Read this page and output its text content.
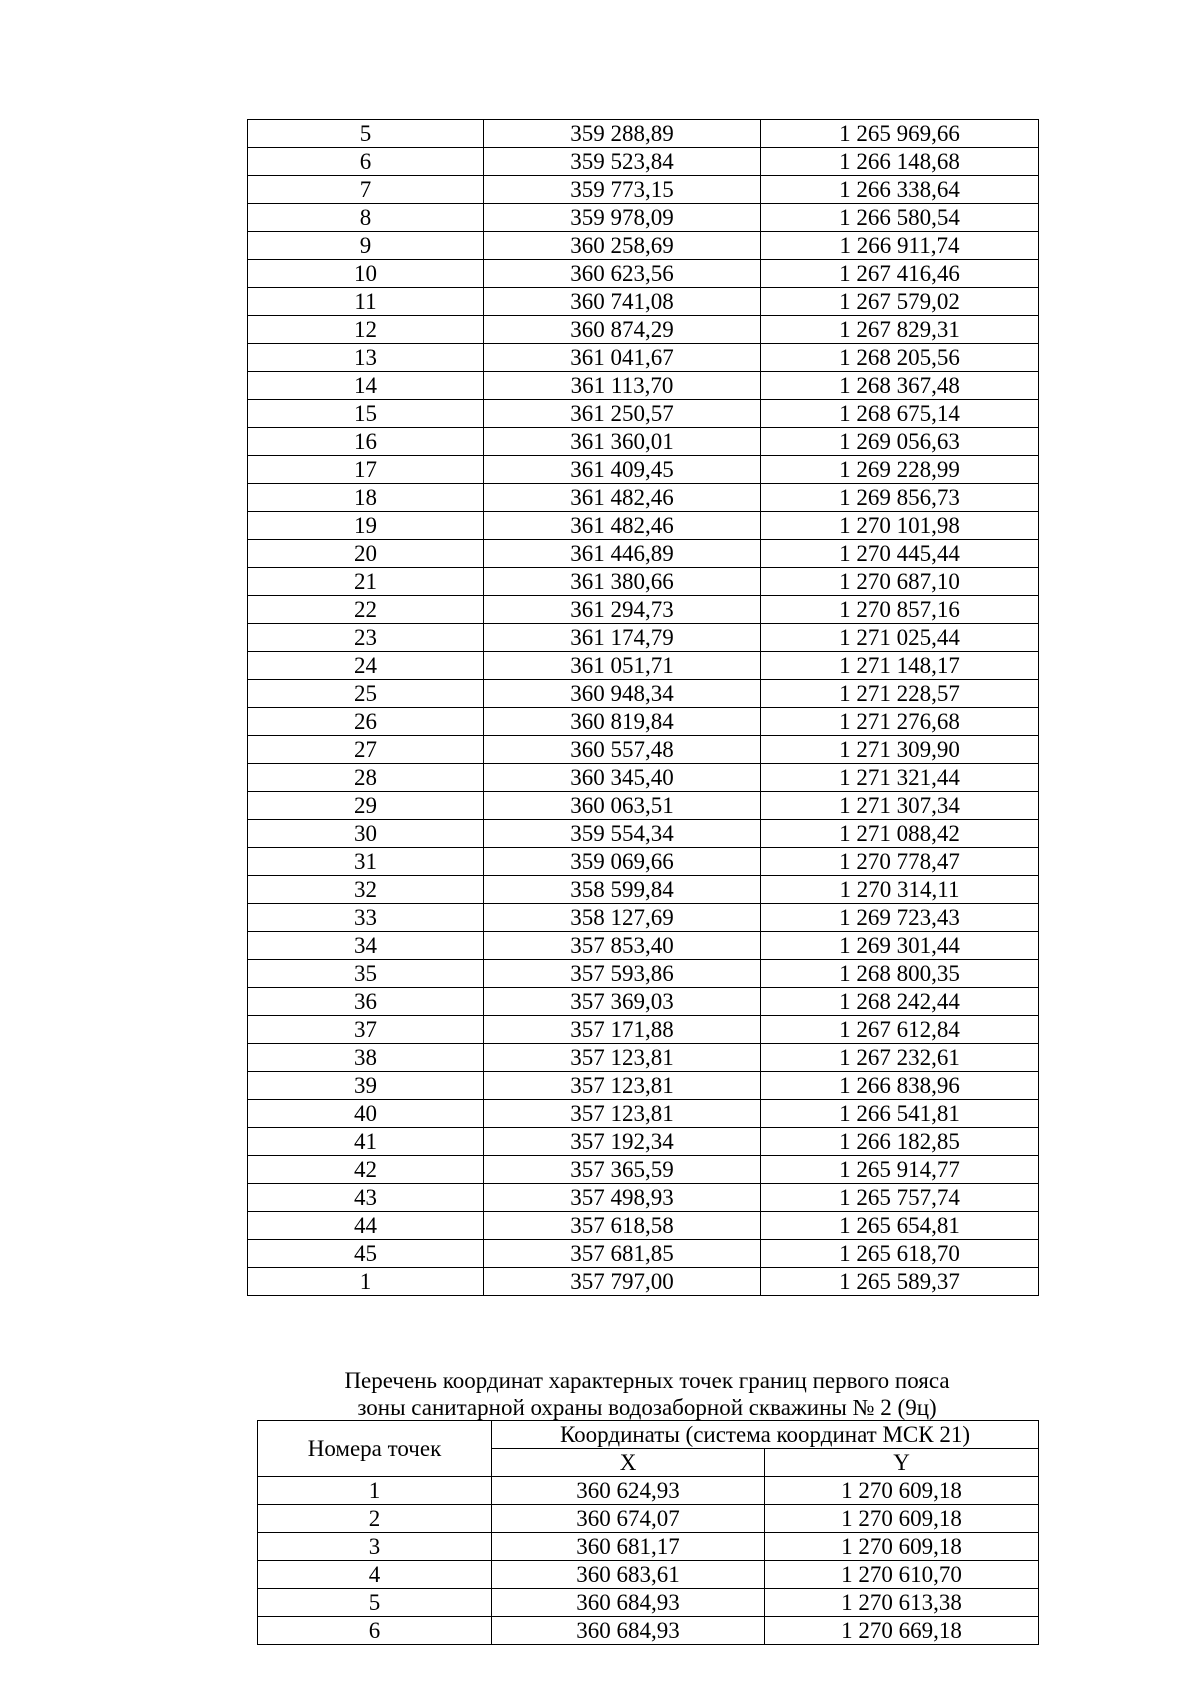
5	359 288,89	1 265 969,66
6	359 523,84	1 266 148,68
7	359 773,15	1 266 338,64
8	359 978,09	1 266 580,54
9	360 258,69	1 266 911,74
10	360 623,56	1 267 416,46
11	360 741,08	1 267 579,02
12	360 874,29	1 267 829,31
13	361 041,67	1 268 205,56
14	361 113,70	1 268 367,48
15	361 250,57	1 268 675,14
16	361 360,01	1 269 056,63
17	361 409,45	1 269 228,99
18	361 482,46	1 269 856,73
19	361 482,46	1 270 101,98
20	361 446,89	1 270 445,44
21	361 380,66	1 270 687,10
22	361 294,73	1 270 857,16
23	361 174,79	1 271 025,44
24	361 051,71	1 271 148,17
25	360 948,34	1 271 228,57
26	360 819,84	1 271 276,68
27	360 557,48	1 271 309,90
28	360 345,40	1 271 321,44
29	360 063,51	1 271 307,34
30	359 554,34	1 271 088,42
31	359 069,66	1 270 778,47
32	358 599,84	1 270 314,11
33	358 127,69	1 269 723,43
34	357 853,40	1 269 301,44
35	357 593,86	1 268 800,35
36	357 369,03	1 268 242,44
37	357 171,88	1 267 612,84
38	357 123,81	1 267 232,61
39	357 123,81	1 266 838,96
40	357 123,81	1 266 541,81
41	357 192,34	1 266 182,85
42	357 365,59	1 265 914,77
43	357 498,93	1 265 757,74
44	357 618,58	1 265 654,81
45	357 681,85	1 265 618,70
1	357 797,00	1 265 589,37
Перечень координат характерных точек границ первого пояса
зоны санитарной охраны водозаборной скважины № 2 (9ц)
Номера точек	Координаты (система координат МСК 21)	
	X	Y
1	360 624,93	1 270 609,18
2	360 674,07	1 270 609,18
3	360 681,17	1 270 609,18
4	360 683,61	1 270 610,70
5	360 684,93	1 270 613,38
6	360 684,93	1 270 669,18
